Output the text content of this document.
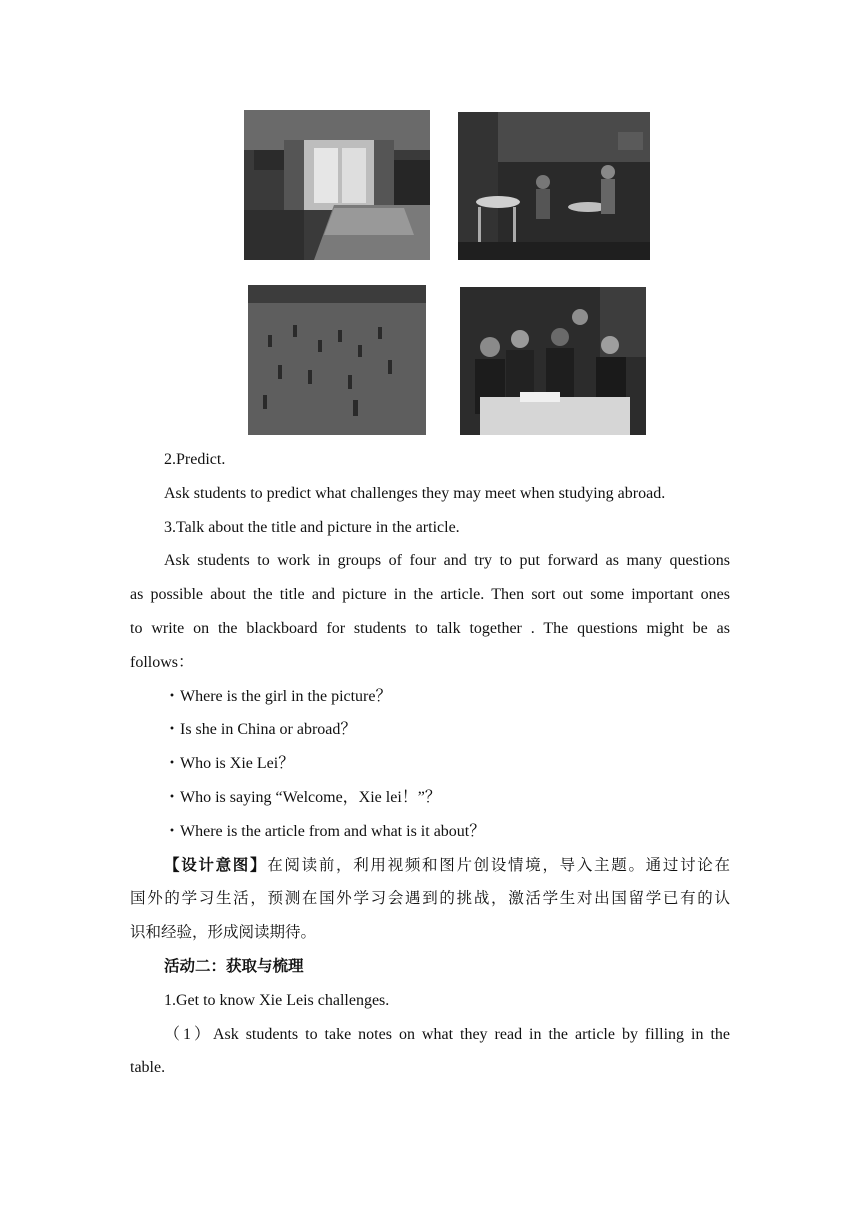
2.Predict.
Ask students to predict what challenges they may meet when studying abroad.
3.Talk about the title and picture in the article.
Ask students to work in groups of four and try to put forward as many questions
as possible about the title and picture in the article. Then sort out some important ones
to write on the blackboard for students to talk together . The questions might be as
follows：
・Where is the girl in the picture？
・Is she in China or abroad？
・Who is Xie Lei？
・Who is saying “Welcome，Xie lei！”？
・Where is the article from and what is it about？
【设计意图】在阅读前，利用视频和图片创设情境，导入主题。通过讨论在
国外的学习生活，预测在国外学习会遇到的挑战，激活学生对出国留学已有的认
识和经验，形成阅读期待。
活动二：获取与梳理
1.Get to know Xie Leis challenges.
（1）Ask students to take notes on what they read in the article by filling in the
table.
